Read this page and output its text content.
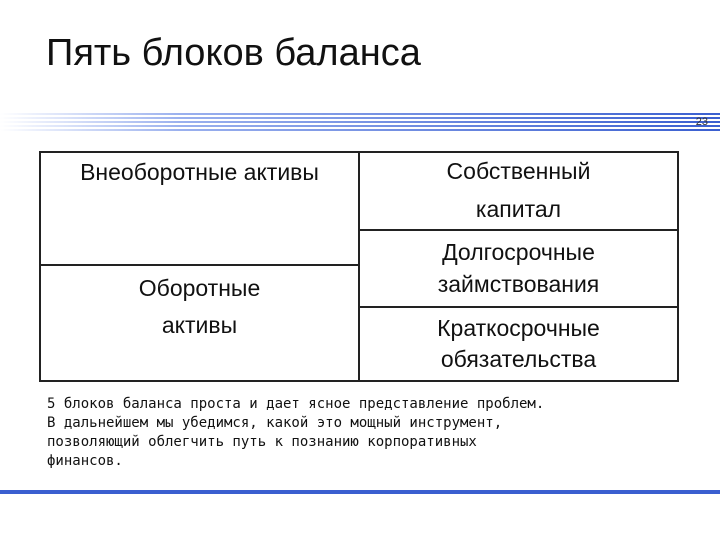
Пять блоков баланса
23
Внеоборотные активы
Оборотные
активы
Собственный
капитал
Долгосрочные
займствования
Краткосрочные
обязательства
5 блоков баланса проста и дает ясное представление проблем.
В дальнейшем мы убедимся, какой это мощный инструмент,
позволяющий облегчить путь к познанию корпоративных
финансов.
